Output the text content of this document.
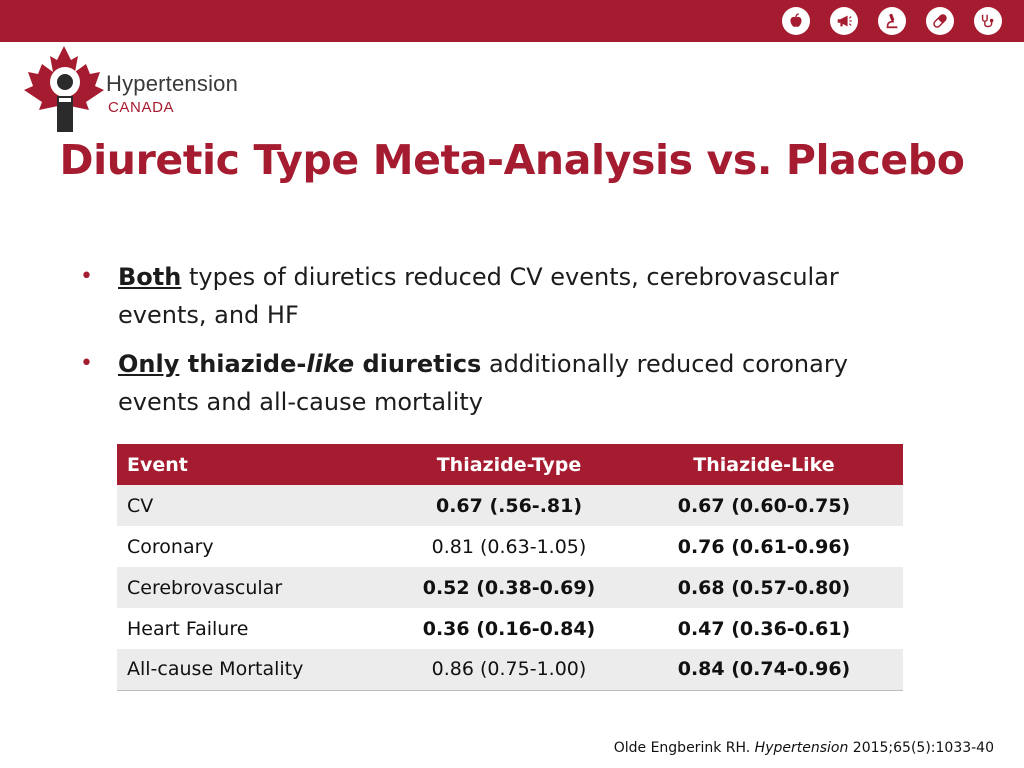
Hypertension
CANADA
Diuretic Type Meta-Analysis vs. Placebo
• Both types of diuretics reduced CV events, cerebrovascular
events, and HF
• Only thiazide-like diuretics additionally reduced coronary
events and all-cause mortality
Event	Thiazide-Type	Thiazide-Like
CV	0.67 (.56-.81)	0.67 (0.60-0.75)
Coronary	0.81 (0.63-1.05)	0.76 (0.61-0.96)
Cerebrovascular	0.52 (0.38-0.69)	0.68 (0.57-0.80)
Heart Failure	0.36 (0.16-0.84)	0.47 (0.36-0.61)
All-cause Mortality	0.86 (0.75-1.00)	0.84 (0.74-0.96)
Olde Engberink RH. Hypertension 2015;65(5):1033-40
